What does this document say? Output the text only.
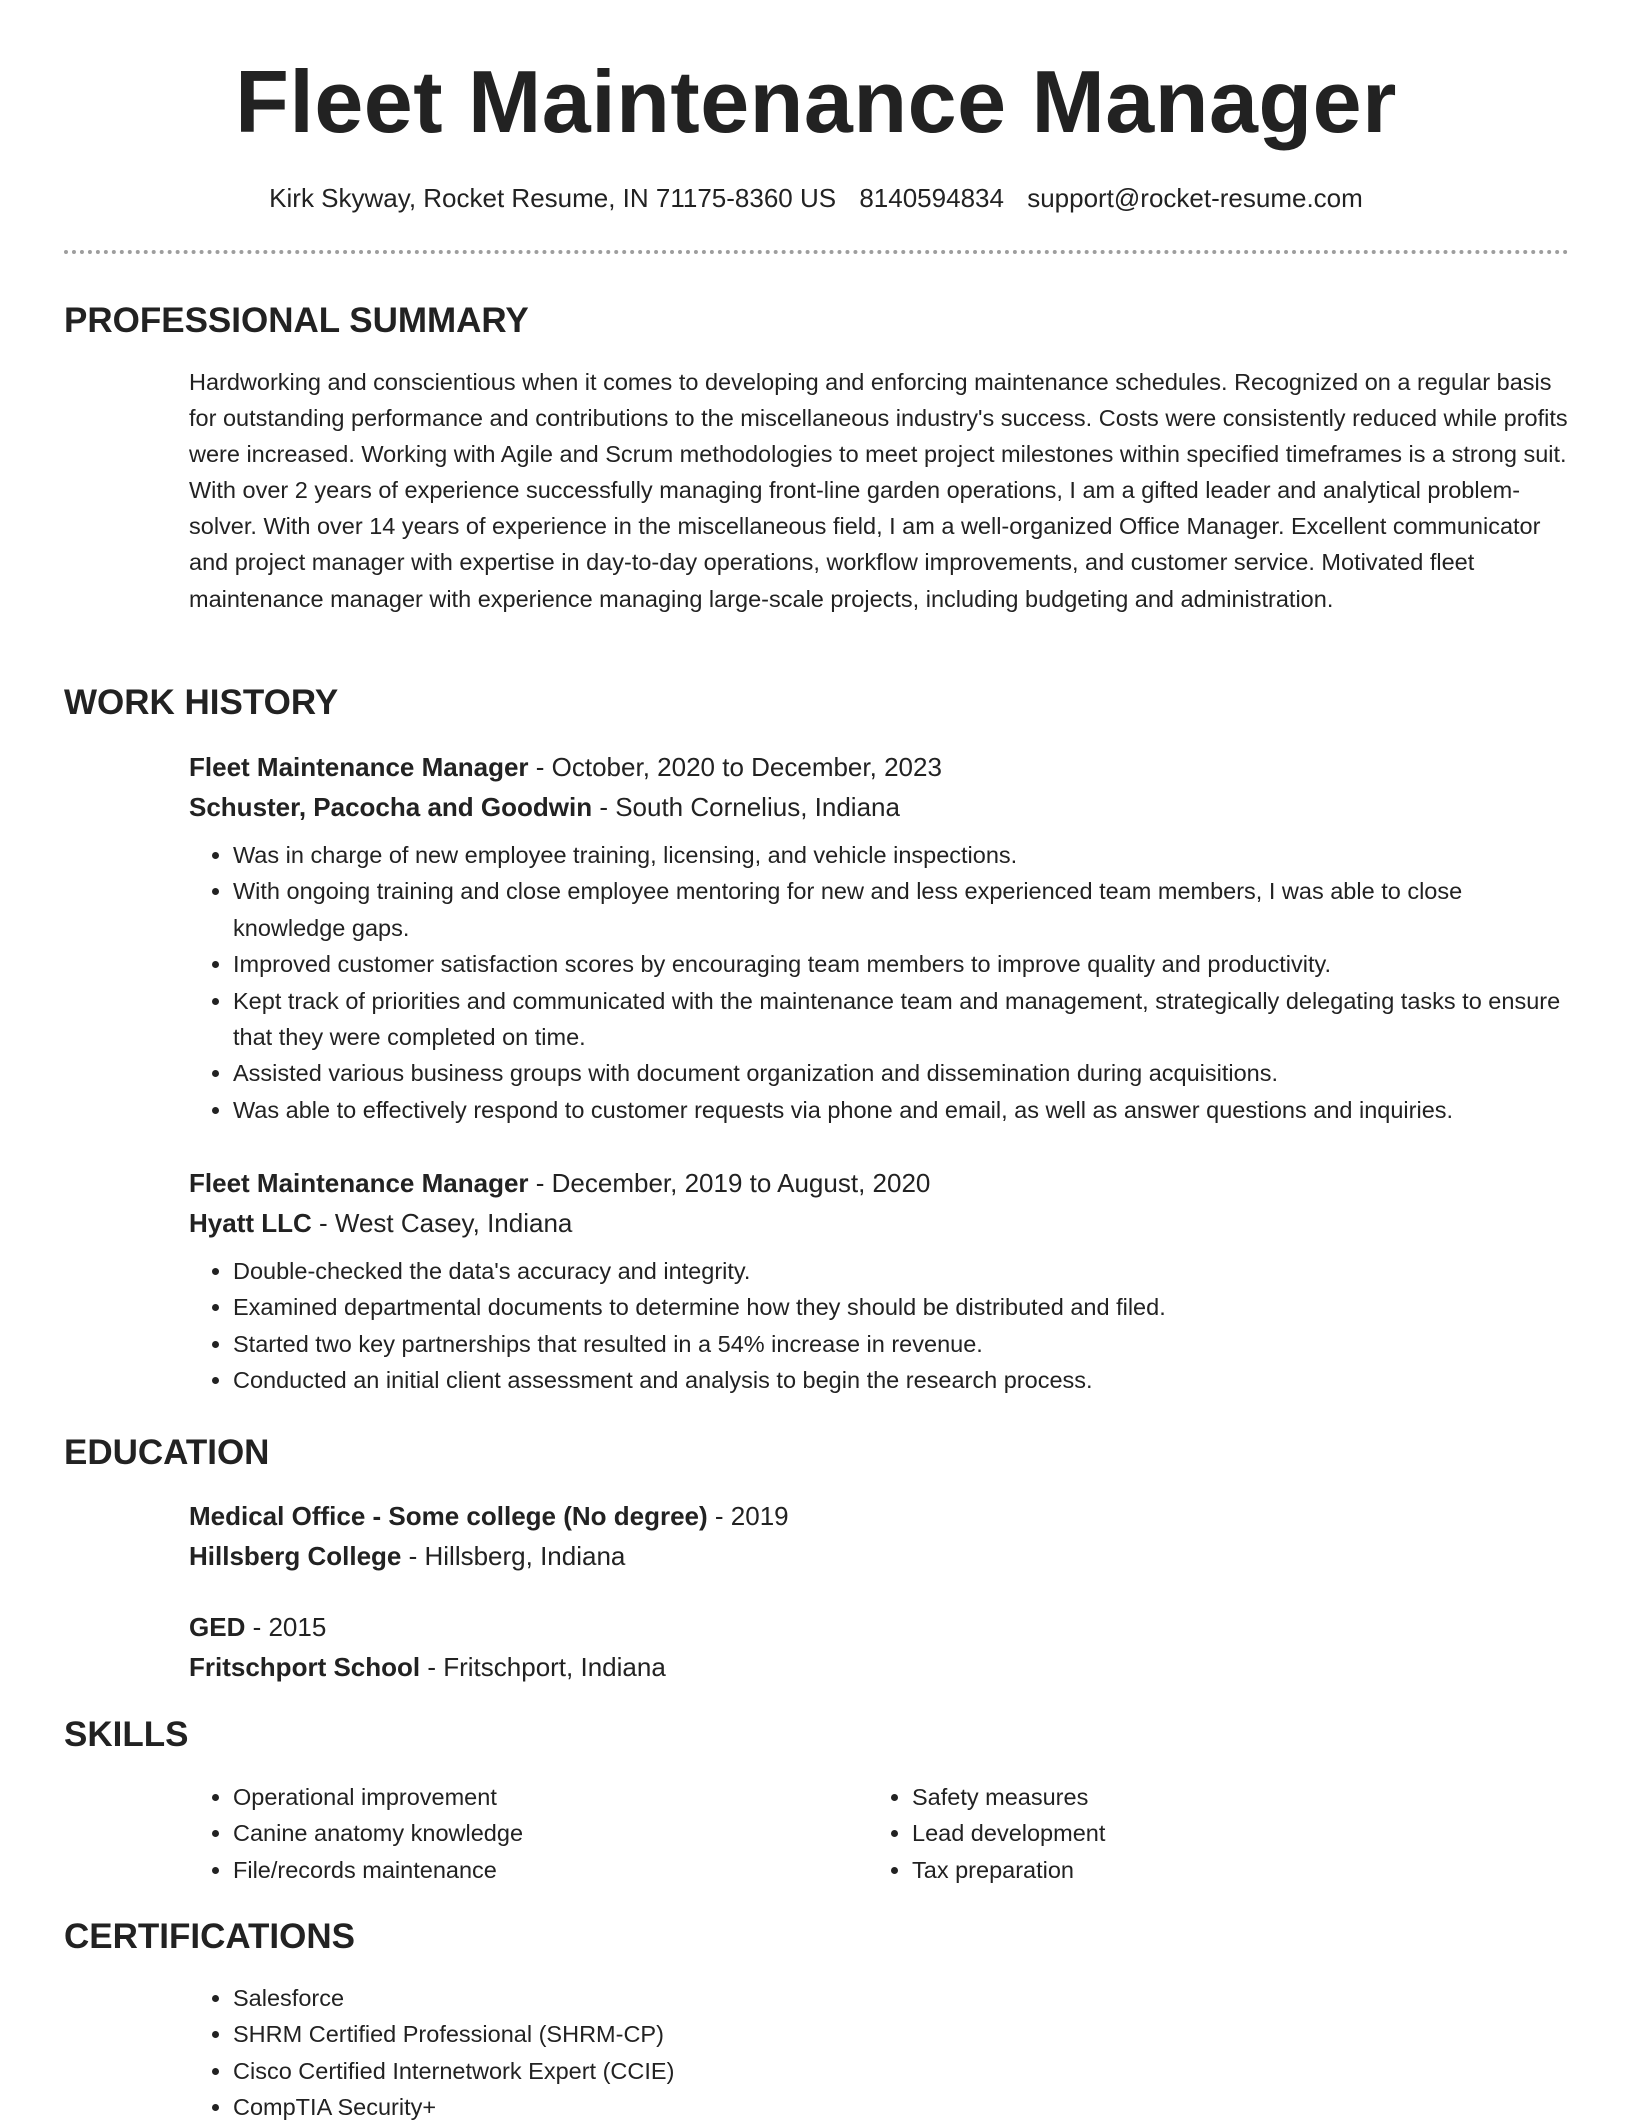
Fleet Maintenance Manager
Kirk Skyway, Rocket Resume, IN 71175-8360 US 8140594834 support@rocket-resume.com
PROFESSIONAL SUMMARY

Hardworking and conscientious when it comes to developing and enforcing maintenance schedules. Recognized on a regular basis for outstanding performance and contributions to the miscellaneous industry's success. Costs were consistently reduced while profits were increased. Working with Agile and Scrum methodologies to meet project milestones within specified timeframes is a strong suit. With over 2 years of experience successfully managing front-line garden operations, I am a gifted leader and analytical problem-solver. With over 14 years of experience in the miscellaneous field, I am a well-organized Office Manager. Excellent communicator and project manager with expertise in day-to-day operations, workflow improvements, and customer service. Motivated fleet maintenance manager with experience managing large-scale projects, including budgeting and administration.

WORK HISTORY
Fleet Maintenance Manager - October, 2020 to December, 2023
Schuster, Pacocha and Goodwin - South Cornelius, Indiana
• Was in charge of new employee training, licensing, and vehicle inspections.
• With ongoing training and close employee mentoring for new and less experienced team members, I was able to close knowledge gaps.
• Improved customer satisfaction scores by encouraging team members to improve quality and productivity.
• Kept track of priorities and communicated with the maintenance team and management, strategically delegating tasks to ensure that they were completed on time.
• Assisted various business groups with document organization and dissemination during acquisitions.
• Was able to effectively respond to customer requests via phone and email, as well as answer questions and inquiries.
Fleet Maintenance Manager - December, 2019 to August, 2020
Hyatt LLC - West Casey, Indiana
• Double-checked the data's accuracy and integrity.
• Examined departmental documents to determine how they should be distributed and filed.
• Started two key partnerships that resulted in a 54% increase in revenue.
• Conducted an initial client assessment and analysis to begin the research process.
EDUCATION
Medical Office - Some college (No degree) - 2019
Hillsberg College - Hillsberg, Indiana
GED - 2015
Fritschport School - Fritschport, Indiana
SKILLS
• Operational improvement
• Canine anatomy knowledge
• File/records maintenance
• Safety measures
• Lead development
• Tax preparation
CERTIFICATIONS
• Salesforce
• SHRM Certified Professional (SHRM-CP)
• Cisco Certified Internetwork Expert (CCIE)
• CompTIA Security+
